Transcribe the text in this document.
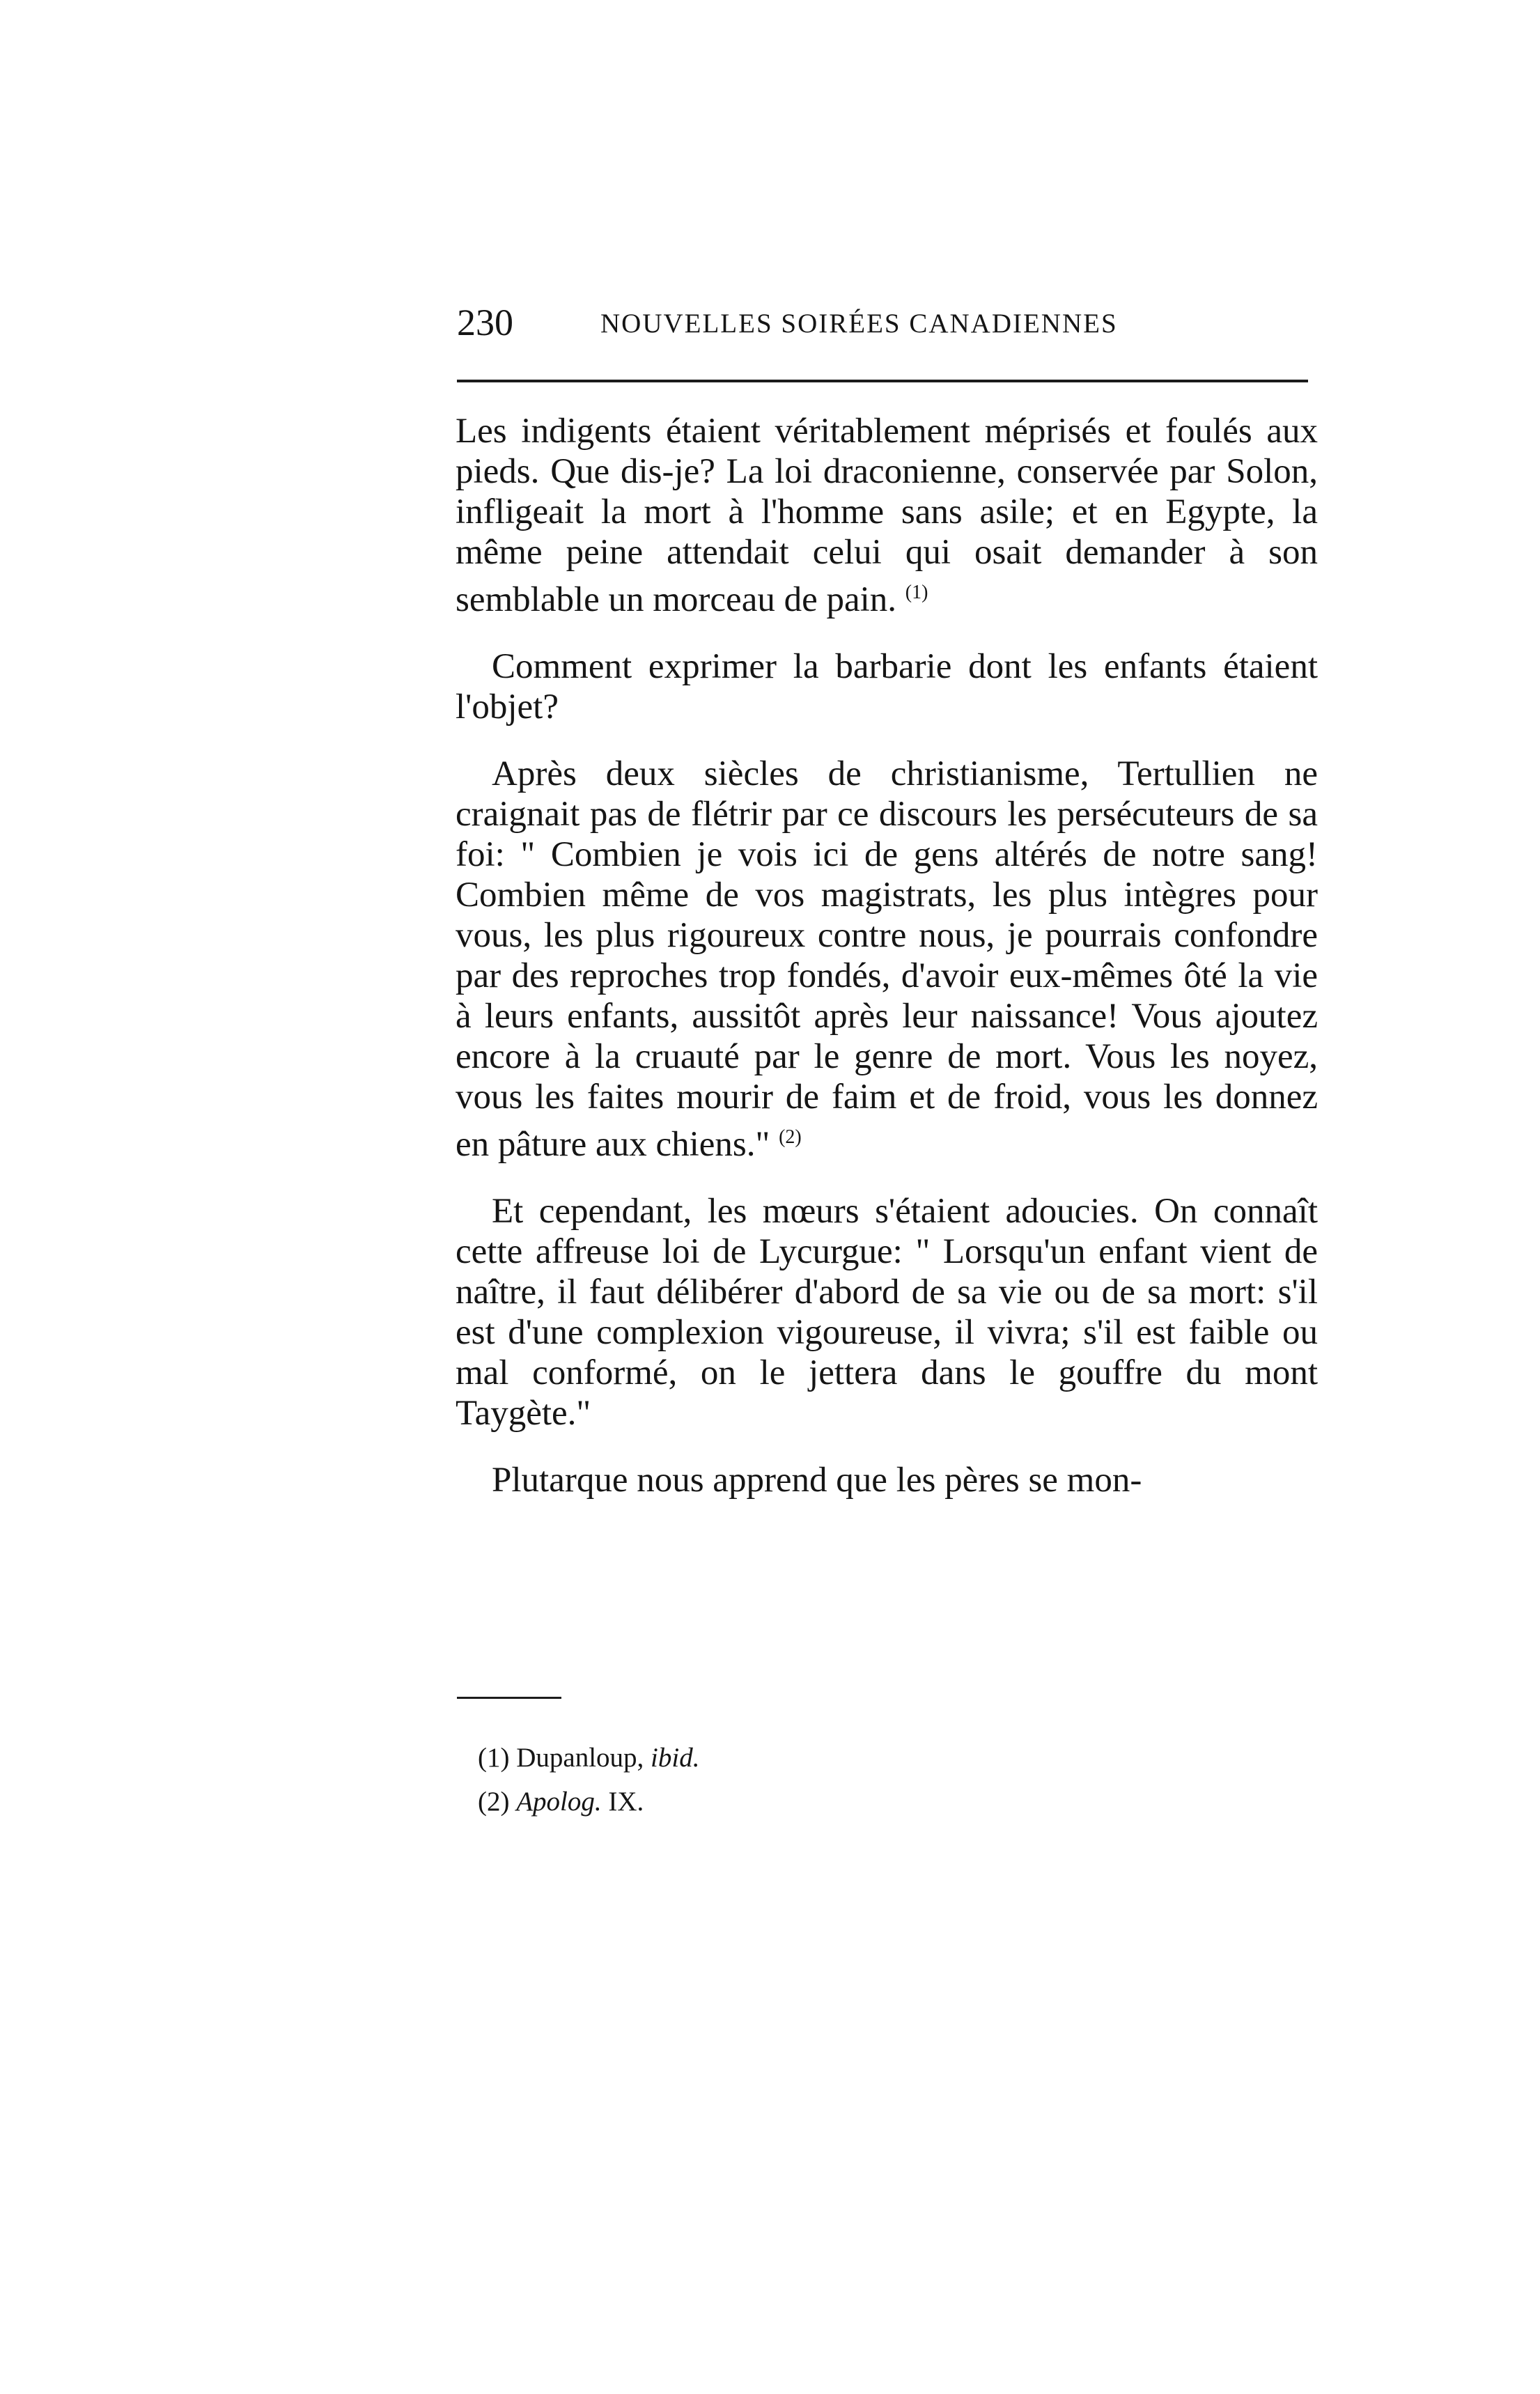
230	NOUVELLES SOIRÉES CANADIENNES

Les indigents étaient véritablement méprisés et foulés aux pieds. Que dis-je? La loi draconienne, conservée par Solon, infligeait la mort à l'homme sans asile; et en Egypte, la même peine attendait celui qui osait demander à son semblable un morceau de pain. $^{(1)}$

Comment exprimer la barbarie dont les enfants étaient l'objet?

Après deux siècles de christianisme, Tertullien ne craignait pas de flétrir par ce discours les persécuteurs de sa foi: " Combien je vois ici de gens altérés de notre sang! Combien même de vos magistrats, les plus intègres pour vous, les plus rigoureux contre nous, je pourrais confondre par des reproches trop fondés, d'avoir eux-mêmes ôté la vie à leurs enfants, aussitôt après leur naissance! Vous ajoutez encore à la cruauté par le genre de mort. Vous les noyez, vous les faites mourir de faim et de froid, vous les donnez en pâture aux chiens." $^{(2)}$

Et cependant, les mœurs s'étaient adoucies. On connaît cette affreuse loi de Lycurgue: " Lorsqu'un enfant vient de naître, il faut délibérer d'abord de sa vie ou de sa mort: s'il est d'une complexion vigoureuse, il vivra; s'il est faible ou mal conformé, on le jettera dans le gouffre du mont Taygète."

Plutarque nous apprend que les pères se mon-

(1) Dupanloup, ibid.
(2) Apolog. IX.
